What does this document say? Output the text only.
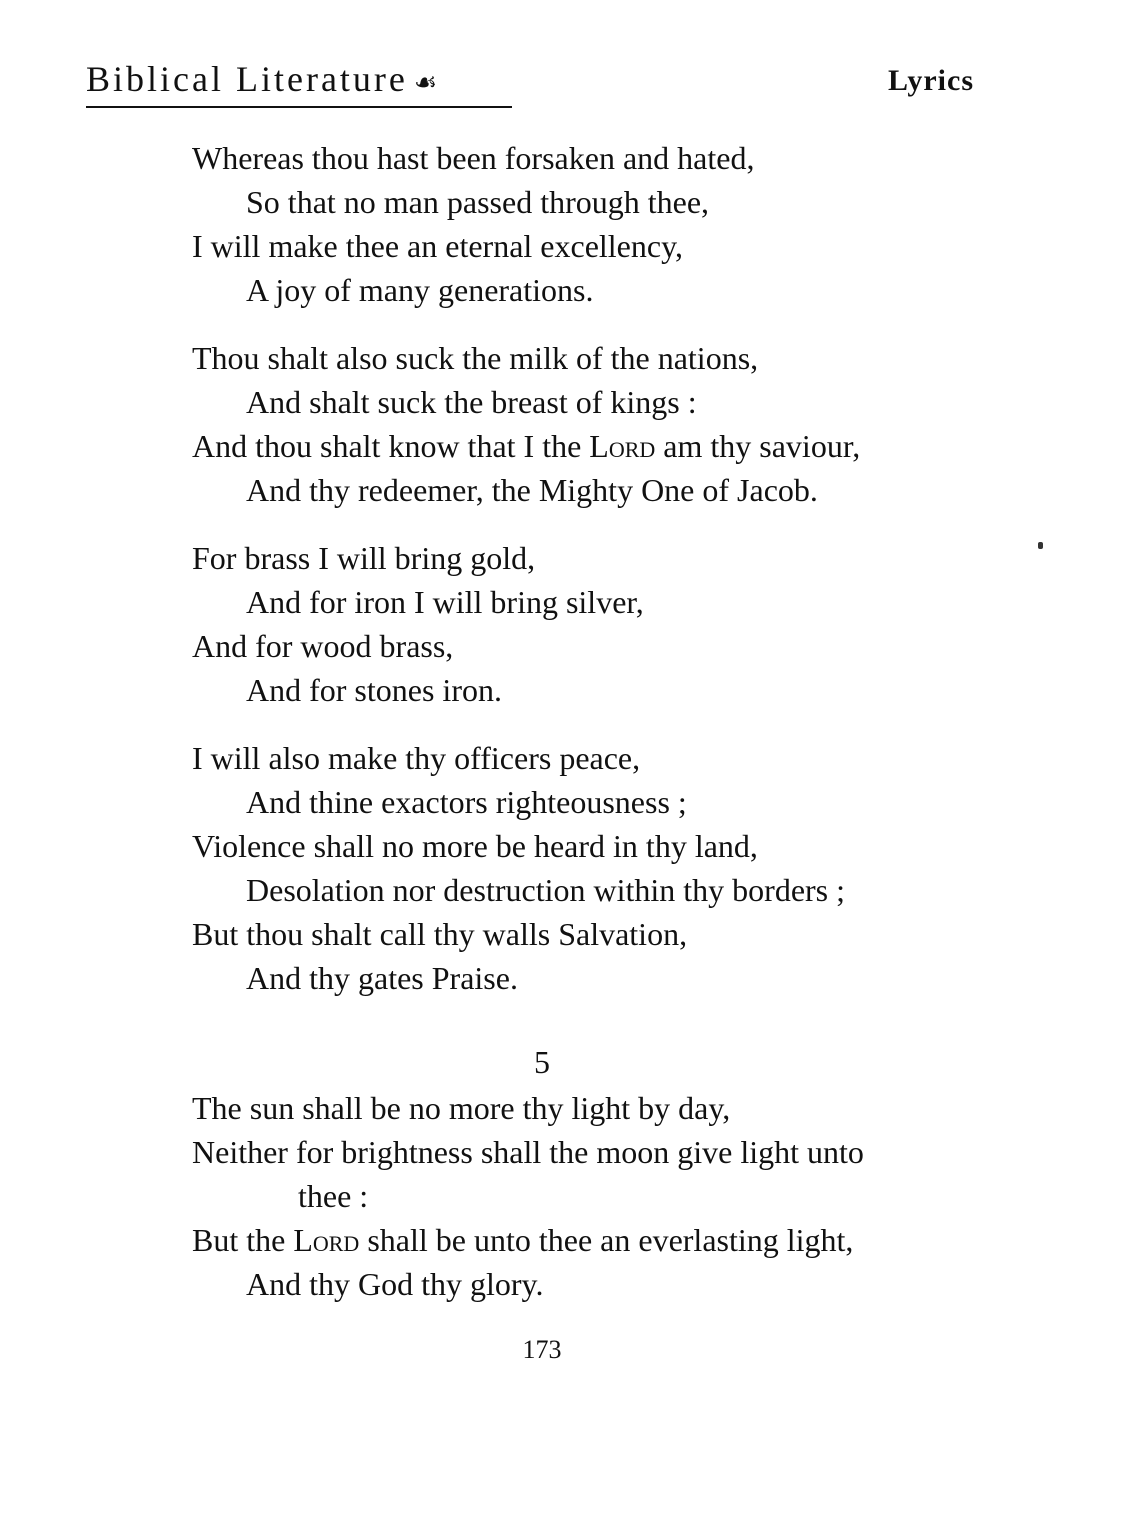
Biblical Literature ☙	Lyrics
Whereas thou hast been forsaken and hated,
So that no man passed through thee,
I will make thee an eternal excellency,
A joy of many generations.
Thou shalt also suck the milk of the nations,
And shalt suck the breast of kings :
And thou shalt know that I the Lord am thy saviour,
And thy redeemer, the Mighty One of Jacob.
For brass I will bring gold,
And for iron I will bring silver,
And for wood brass,
And for stones iron.
I will also make thy officers peace,
And thine exactors righteousness ;
Violence shall no more be heard in thy land,
Desolation nor destruction within thy borders ;
But thou shalt call thy walls Salvation,
And thy gates Praise.
5
The sun shall be no more thy light by day,
Neither for brightness shall the moon give light unto
thee :
But the Lord shall be unto thee an everlasting light,
And thy God thy glory.
173
